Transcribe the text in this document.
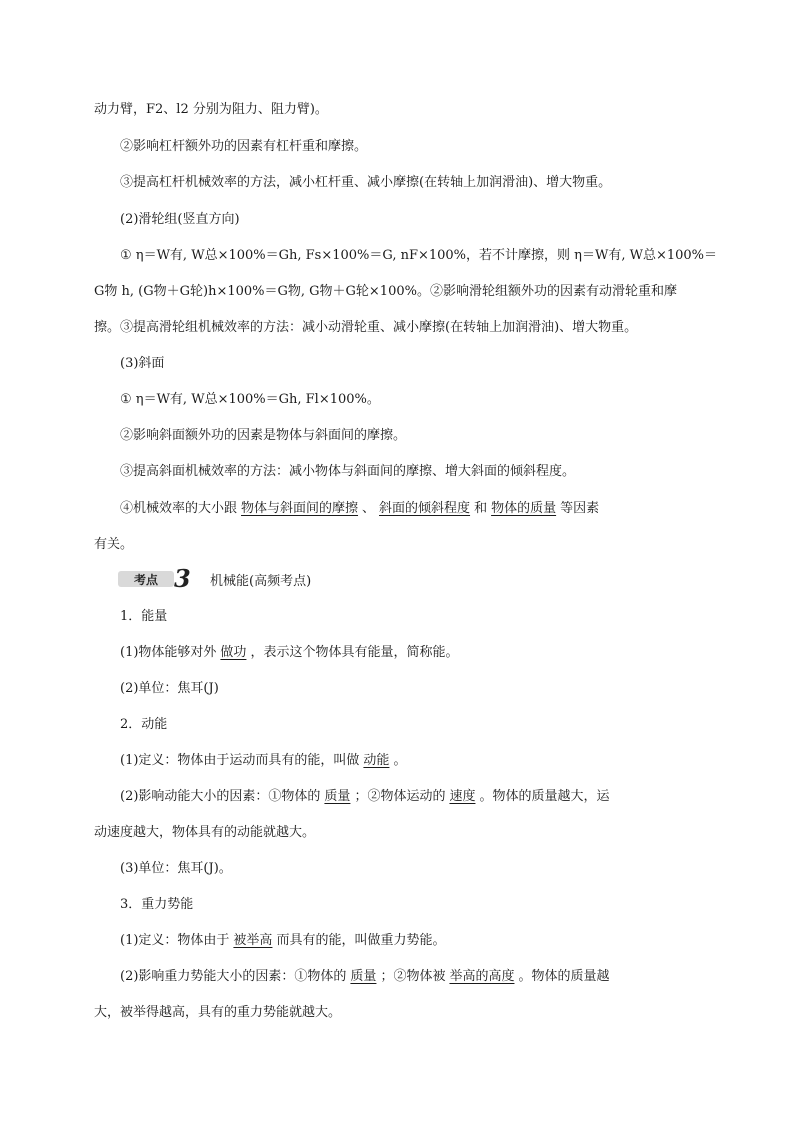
动力臂，F2、l2 分别为阻力、阻力臂)。
②影响杠杆额外功的因素有杠杆重和摩擦。
③提高杠杆机械效率的方法，减小杠杆重、减小摩擦(在转轴上加润滑油)、增大物重。
(2)滑轮组(竖直方向)
① η＝W有, W总×100%＝Gh, Fs×100%＝G, nF×100%，若不计摩擦，则 η＝W有, W总×100%＝
G物 h, (G物＋G轮)h×100%＝G物, G物＋G轮×100%。②影响滑轮组额外功的因素有动滑轮重和摩
擦。③提高滑轮组机械效率的方法：减小动滑轮重、减小摩擦(在转轴上加润滑油)、增大物重。
(3)斜面
① η＝W有, W总×100%＝Gh, Fl×100%。
②影响斜面额外功的因素是物体与斜面间的摩擦。
③提高斜面机械效率的方法：减小物体与斜面间的摩擦、增大斜面的倾斜程度。
④机械效率的大小跟 物体与斜面间的摩擦 、 斜面的倾斜程度 和 物体的质量 等因素
有关。
考点 3 机械能(高频考点)
1．能量
(1)物体能够对外 做功 ，表示这个物体具有能量，简称能。
(2)单位：焦耳(J)
2．动能
(1)定义：物体由于运动而具有的能，叫做 动能 。
(2)影响动能大小的因素：①物体的 质量 ；②物体运动的 速度 。物体的质量越大，运
动速度越大，物体具有的动能就越大。
(3)单位：焦耳(J)。
3．重力势能
(1)定义：物体由于 被举高 而具有的能，叫做重力势能。
(2)影响重力势能大小的因素：①物体的 质量 ；②物体被 举高的高度 。物体的质量越
大，被举得越高，具有的重力势能就越大。
